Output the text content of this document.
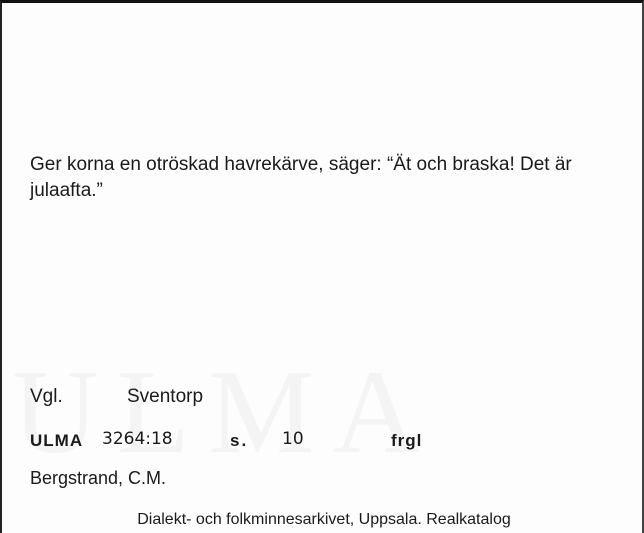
Ger korna en otröskad havrekärve, säger: “Ät och braska! Det är julaafta.”
Vgl.	Sventorp
ULMA 3264:18	s. 10	frgl
Bergstrand, C.M.
Dialekt- och folkminnesarkivet, Uppsala. Realkatalog
